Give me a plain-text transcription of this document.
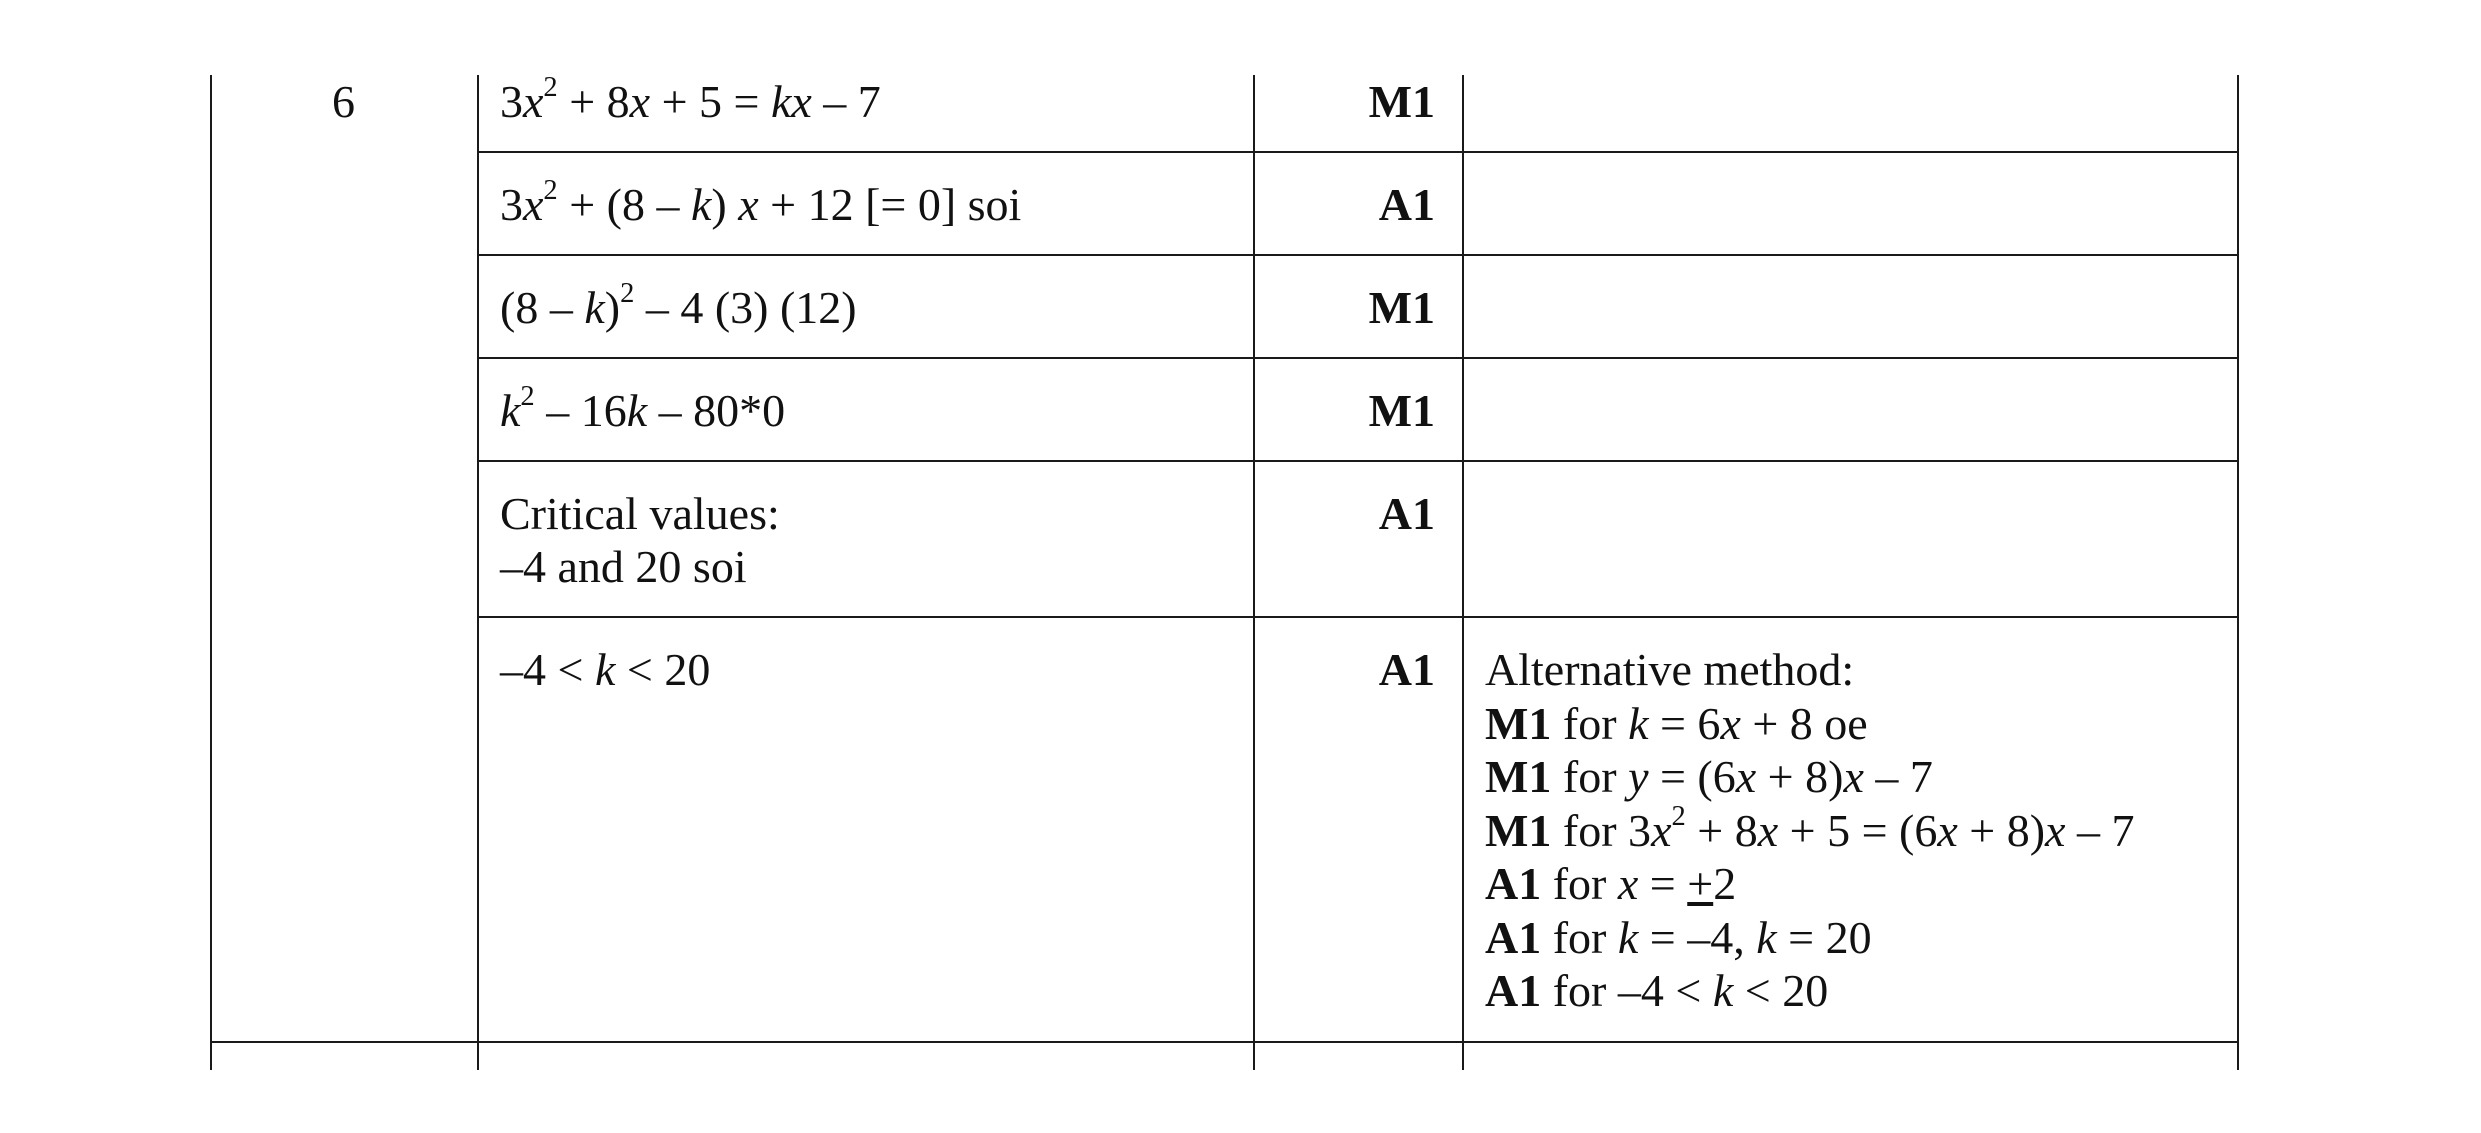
6	$3x^2 + 8x + 5$ = kx – 7
$3x^2 + (8 - k) x + 12$ [= 0] soi
(8 – k)$^2$ – 4 (3) (12)
$k^2 - 16k - 80*0$
Critical values:
–4 and 20 soi
–4 < k < 20
M1
A1
M1
M1
A1
A1 Alternative method:
M1 for k = 6x + 8 oe
M1 for y = (6x + 8)x – 7
M1 for $3x^2 + 8x + 5 = (6x + 8)x - 7$
A1 for x = +2
A1 for k = –4, k = 20
A1 for –4 < k < 20
